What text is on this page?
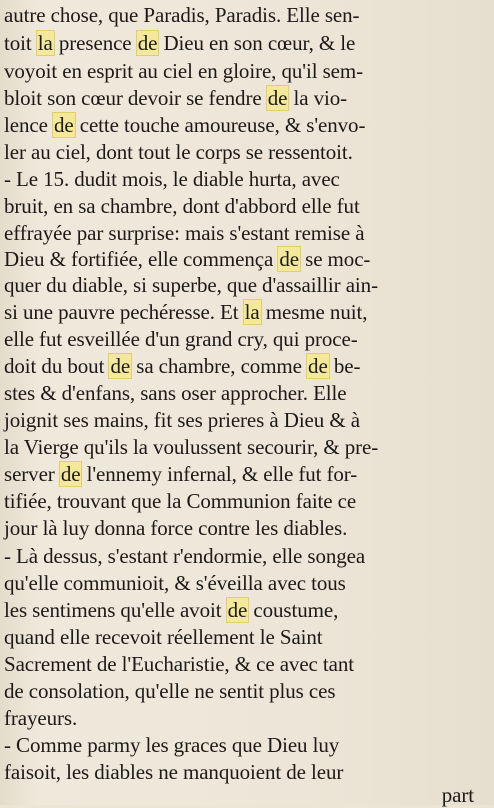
autre chose, que Paradis, Paradis. Elle sen-
toit la presence de Dieu en son cœur, & le
voyoit en esprit au ciel en gloire, qu'il sem-
bloit son cœur devoir se fendre de la vio-
lence de cette touche amoureuse, & s'envo-
ler au ciel, dont tout le corps se ressentoit.
- Le 15. dudit mois, le diable hurta, avec
bruit, en sa chambre, dont d'abbord elle fut
effrayée par surprise: mais s'estant remise à
Dieu & fortifiée, elle commença de se moc-
quer du diable, si superbe, que d'assaillir ain-
si une pauvre pechéresse. Et la mesme nuit,
elle fut esveillée d'un grand cry, qui proce-
doit du bout de sa chambre, comme de be-
stes & d'enfans, sans oser approcher. Elle
joignit ses mains, fit ses prieres à Dieu & à
la Vierge qu'ils la voulussent secourir, & pre-
server de l'ennemy infernal, & elle fut for-
tifiée, trouvant que la Communion faite ce
jour là luy donna force contre les diables.
- Là dessus, s'estant r'endormie, elle songea
qu'elle communioit, & s'éveilla avec tous
les sentimens qu'elle avoit de coustume,
quand elle recevoit réellement le Saint
Sacrement de l'Eucharistie, & ce avec tant
de consolation, qu'elle ne sentit plus ces
frayeurs.
- Comme parmy les graces que Dieu luy
faisoit, les diables ne manquoient de leur
part
